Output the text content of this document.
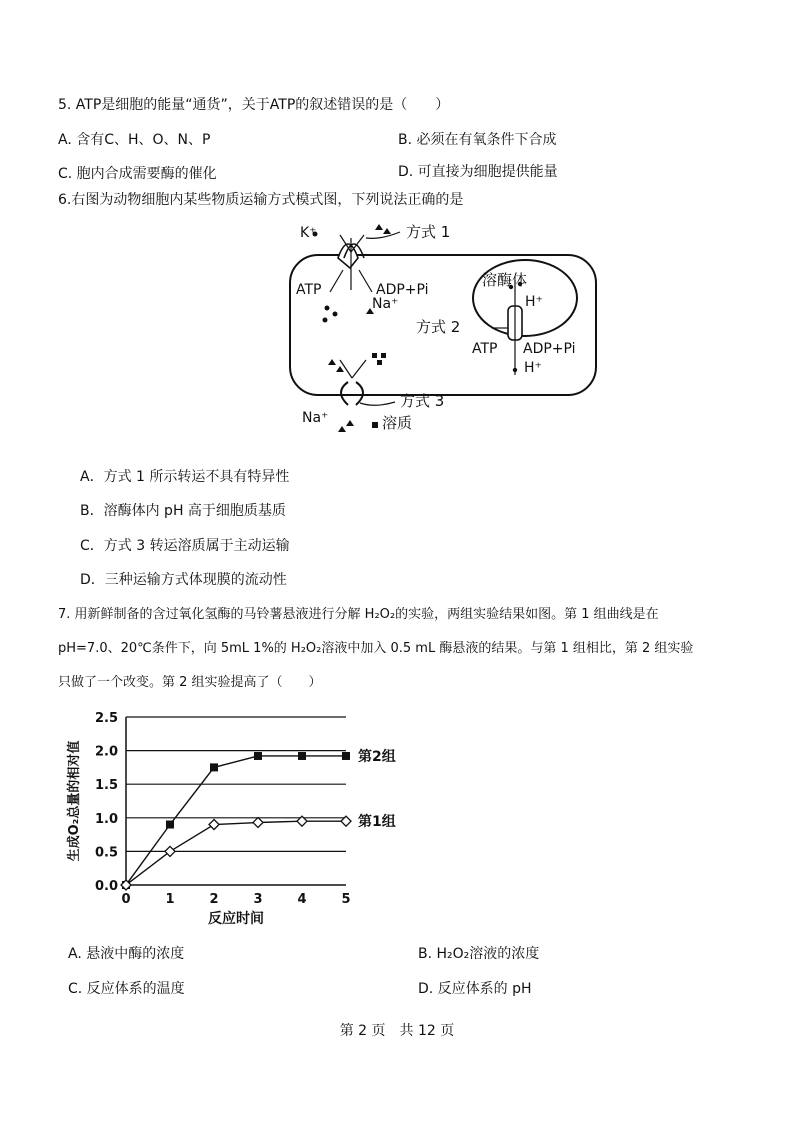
5. ATP是细胞的能量“通货”，关于ATP的叙述错误的是（　　）
A. 含有C、H、O、N、P	B. 必须在有氧条件下合成
C. 胞内合成需要酶的催化	D. 可直接为细胞提供能量
6.右图为动物细胞内某些物质运输方式模式图，下列说法正确的是
K⁺	方式 1
ATP	ADP+Pi
Na⁺
溶酶体
H⁺
方式 2
ATP ADP+Pi
H⁺
方式 3
Na⁺	溶质
A．方式 1 所示转运不具有特异性
B．溶酶体内 pH 高于细胞质基质
C．方式 3 转运溶质属于主动运输
D．三种运输方式体现膜的流动性
7. 用新鲜制备的含过氧化氢酶的马铃薯悬液进行分解 H₂O₂的实验，两组实验结果如图。第 1 组曲线是在
pH=7.0、20℃条件下，向 5mL 1%的 H₂O₂溶液中加入 0.5 mL 酶悬液的结果。与第 1 组相比，第 2 组实验
只做了一个改变。第 2 组实验提高了（　　）
0.0
0.5
1.0
1.5
2.0
2.5
0	1	2	3	4	5
反应时间
生成O₂总量的相对值	第2组
第1组
A. 悬液中酶的浓度	B. H₂O₂溶液的浓度
C. 反应体系的温度	D. 反应体系的 pH
第 2 页　共 12 页
